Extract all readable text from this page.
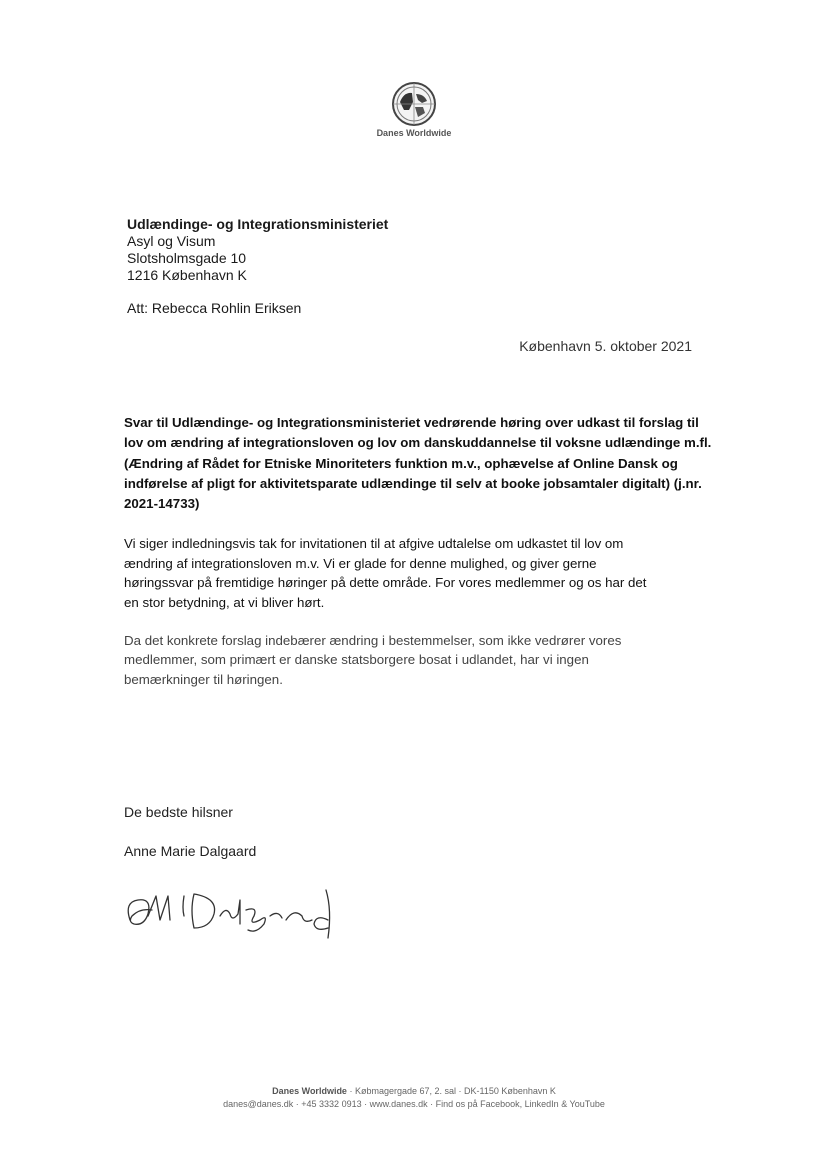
Danes Worldwide
Udlændinge- og Integrationsministeriet
Asyl og Visum
Slotsholmsgade 10
1216 København K
Att: Rebecca Rohlin Eriksen
København 5. oktober 2021
Svar til Udlændinge- og Integrationsministeriet vedrørende høring over udkast til forslag til lov om ændring af integrationsloven og lov om danskuddannelse til voksne udlændinge m.fl. (Ændring af Rådet for Etniske Minoriteters funktion m.v., ophævelse af Online Dansk og indførelse af pligt for aktivitetsparate udlændinge til selv at booke jobsamtaler digitalt) (j.nr. 2021-14733)
Vi siger indledningsvis tak for invitationen til at afgive udtalelse om udkastet til lov om ændring af integrationsloven m.v. Vi er glade for denne mulighed, og giver gerne høringssvar på fremtidige høringer på dette område. For vores medlemmer og os har det en stor betydning, at vi bliver hørt.
Da det konkrete forslag indebærer ændring i bestemmelser, som ikke vedrører vores medlemmer, som primært er danske statsborgere bosat i udlandet, har vi ingen bemærkninger til høringen.
De bedste hilsner
Anne Marie Dalgaard
Danes Worldwide · Købmagergade 67, 2. sal · DK-1150 København K
danes@danes.dk · +45 3332 0913 · www.danes.dk · Find os på Facebook, LinkedIn & YouTube
